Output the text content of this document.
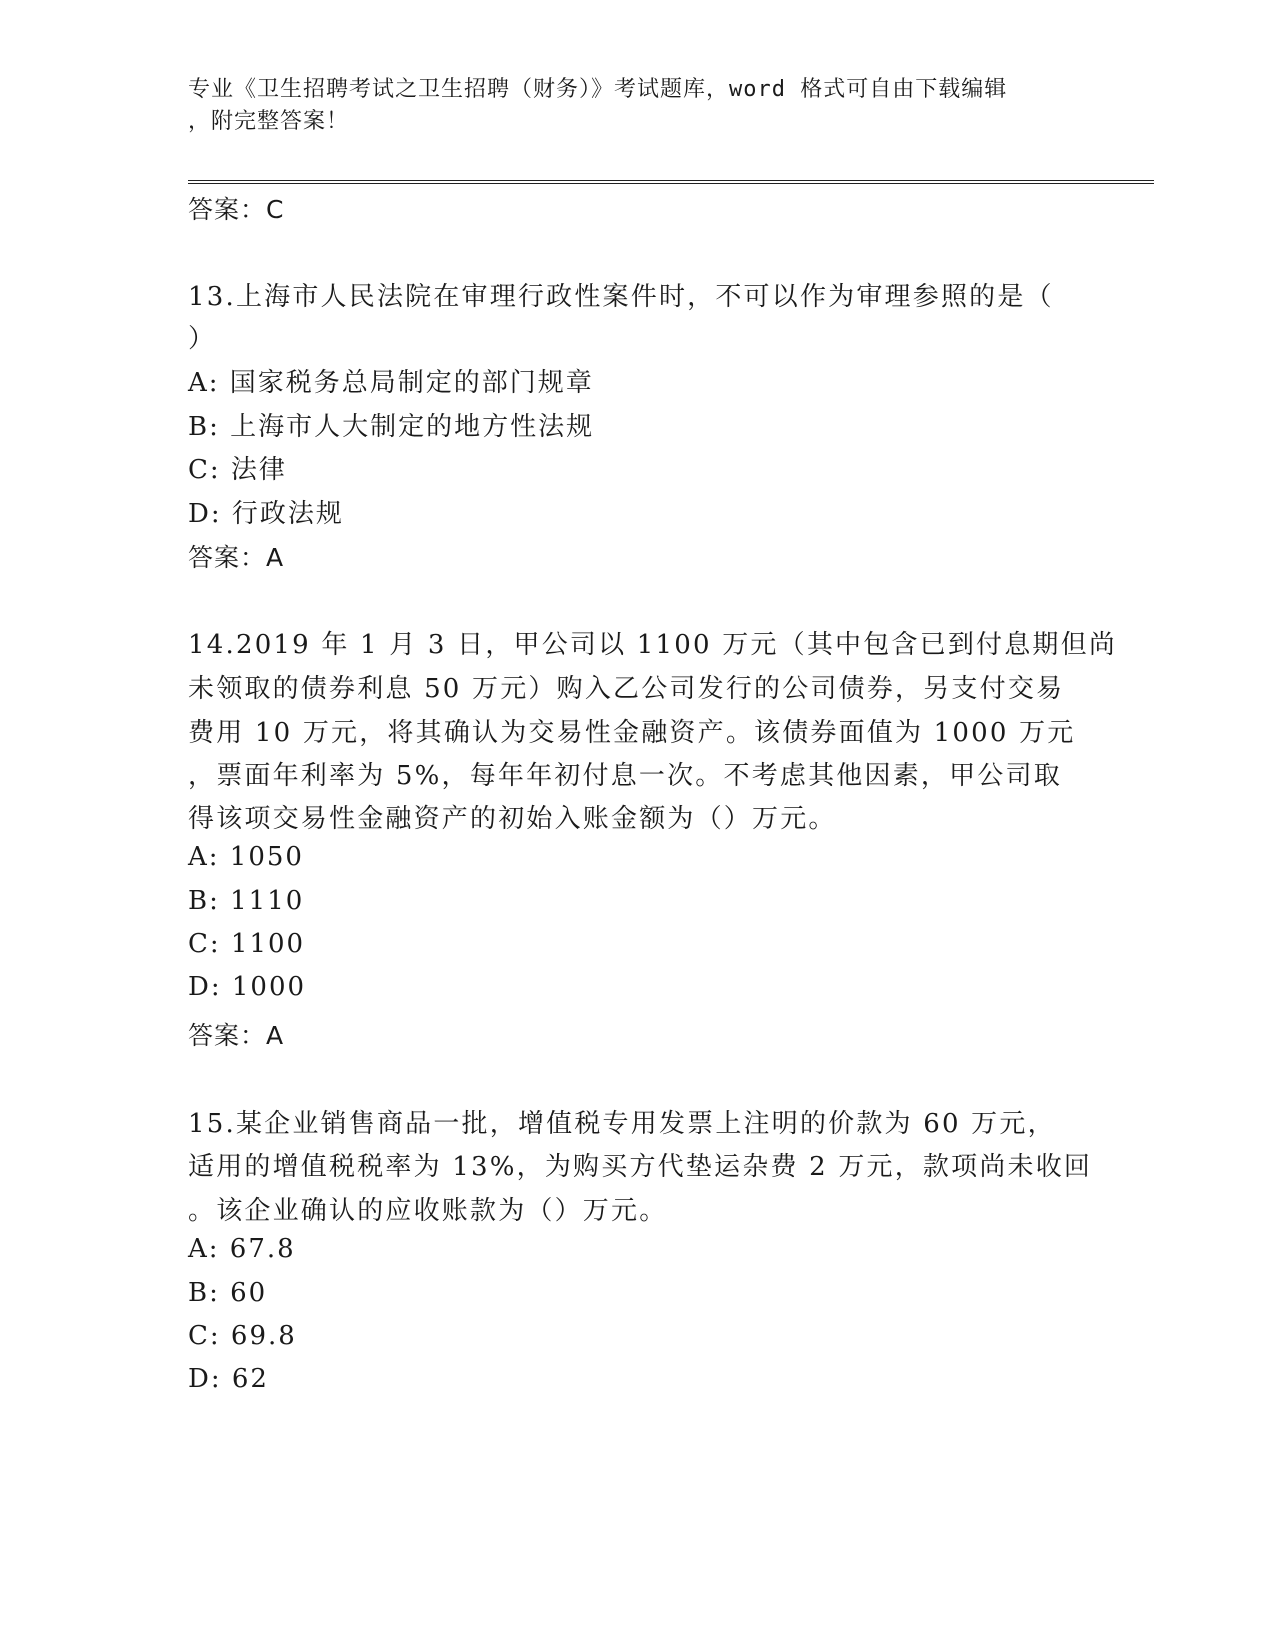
专业《卫生招聘考试之卫生招聘（财务）》考试题库，word 格式可自由下载编辑
，附完整答案！
答案：C
13.上海市人民法院在审理行政性案件时，不可以作为审理参照的是（
）
A: 国家税务总局制定的部门规章
B: 上海市人大制定的地方性法规
C: 法律
D: 行政法规
答案：A
14.2019 年 1 月 3 日，甲公司以 1100 万元（其中包含已到付息期但尚
未领取的债券利息 50 万元）购入乙公司发行的公司债券，另支付交易
费用 10 万元，将其确认为交易性金融资产。该债券面值为 1000 万元
，票面年利率为 5%，每年年初付息一次。不考虑其他因素，甲公司取
得该项交易性金融资产的初始入账金额为（）万元。
A: 1050
B: 1110
C: 1100
D: 1000
答案：A
15.某企业销售商品一批，增值税专用发票上注明的价款为 60 万元，
适用的增值税税率为 13%，为购买方代垫运杂费 2 万元，款项尚未收回
。该企业确认的应收账款为（）万元。
A: 67.8
B: 60
C: 69.8
D: 62
